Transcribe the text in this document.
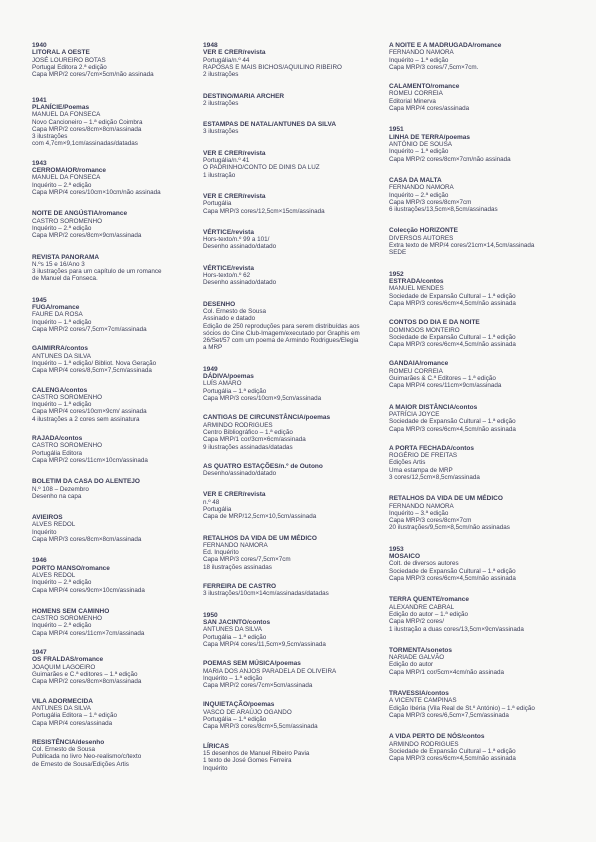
1940

LITORAL A OESTE

JOSÉ LOUREIRO BOTAS

Portugal Editora 2.ª edição

Capa MRP/2 cores/7cm×5cm/não assinada

1941

PLANÍCIE/Poemas

MANUEL DA FONSECA

Novo Cancioneiro – 1.ª edição Coimbra

Capa MRP/2 cores/8cm×8cm/assinada

3 ilustrações

com 4,7cm×9,1cm/assinadas/datadas

1943

CERROMAIOR/romance

MANUEL DA FONSECA

Inquérito – 2.ª edição

Capa MRP/4 cores/10cm×10cm/não assinada

NOITE DE ANGÚSTIA/romance

CASTRO SOROMENHO

Inquérito – 2.ª edição

Capa MRP/2 cores/8cm×9cm/assinada

REVISTA PANORAMA

N.ºs 15 e 16/Ano 3

3 ilustrações para um capítulo de um romance

de Manuel da Fonseca.

1945

FUGA/romance

FAURE DA ROSA

Inquérito – 1.ª edição

Capa MRP/2 cores/7,5cm×7cm/assinada

GAIMIRRA/contos

ANTUNES DA SILVA

Inquérito – 1.ª edição/ Bibliot. Nova Geração

Capa MRP/4 cores/8,5cm×7,5cm/assinada

CALENGA/contos

CASTRO SOROMENHO

Inquérito – 1.ª edição

Capa MRP/4 cores/10cm×9cm/ assinada

4 ilustrações a 2 cores sem assinatura

RAJADA/contos

CASTRO SOROMENHO

Portugália Editora

Capa MRP/2 cores/11cm×10cm/assinada

BOLETIM DA CASA DO ALENTEJO

N.º 108 – Dezembro

Desenho na capa

AVIEIROS

ALVES REDOL

Inquérito

Capa MRP/3 cores/8cm×8cm/assinada

1946

PORTO MANSO/romance

ALVES REDOL

Inquérito – 2.ª edição

Capa MRP/4 cores/9cm×10cm/assinada

HOMENS SEM CAMINHO

CASTRO SOROMENHO

Inquérito – 2.ª edição

Capa MRP/4 cores/11cm×7cm/assinada

1947

OS FRALDAS/romance

JOAQUIM LAGOEIRO

Guimarães e C.ª editores – 1.ª edição

Capa MRP/2 cores/8cm×8cm/assinada

VILA ADORMECIDA

ANTUNES DA SILVA

Portugália Editora – 1.ª edição

Capa MRP/4 cores/assinada

RESISTÊNCIA/desenho

Col. Ernesto de Sousa

Publicada no livro Neo-realismo/c/texto

de Ernesto de Sousa/Edições Artis

1948

VER E CRER/revista

Portugália/n.º 44

RAPOSAS E MAIS BICHOS/AQUILINO RIBEIRO

2 ilustrações

DESTINO/MARIA ARCHER

2 ilustrações

ESTAMPAS DE NATAL/ANTUNES DA SILVA

3 ilustrações

VER E CRER/revista

Portugália/n.º 41

O PADRINHO/CONTO DE DINIS DA LUZ

1 ilustração

VER E CRER/revista

Portugália

Capa MRP/3 cores/12,5cm×15cm/assinada

VÉRTICE/revista

Hors-texto/n.º 99 a 101/

Desenho assinado/datado

VÉRTICE/revista

Hors-texto/n.º 62

Desenho assinado/datado

DESENHO

Col. Ernesto de Sousa

Assinado e datado

Edição de 250 reproduções para serem distribuídas aos

sócios do Cine Club-Imagem/executado por Graphis em

26/Set/57 com um poema de Armindo Rodrigues/Elegia

a MRP

1949

DÁDIVA/poemas

LUÍS AMARO

Portugália – 1.ª edição

Capa MRP/3 cores/10cm×9,5cm/assinada

CANTIGAS DE CIRCUNSTÂNCIA/poemas

ARMINDO RODRIGUES

Centro Bibliográfico – 1.ª edição

Capa MRP/1 cor/3cm×6cm/assinada

9 ilustrações assinadas/datadas

AS QUATRO ESTAÇÕES/n.º de Outono

Desenho/assinado/datado

VER E CRER/revista

n.º 48

Portugália

Capa de MRP/12,5cm×10,5cm/assinada

RETALHOS DA VIDA DE UM MÉDICO

FERNANDO NAMORA

Ed. Inquérito

Capa MRP/3 cores/7,5cm×7cm

18 ilustrações assinadas

FERREIRA DE CASTRO

3 ilustrações/10cm×14cm/assinadas/datadas

1950

SAN JACINTO/contos

ANTUNES DA SILVA

Portugália – 1.ª edição

Capa MRP/4 cores/11,5cm×9,5cm/assinada

POEMAS SEM MÚSICA/poemas

MARIA DOS ANJOS PARADELA DE OLIVEIRA

Inquérito – 1.ª edição

Capa MRP/2 cores/7cm×5cm/assinada

INQUIETAÇÃO/poemas

VASCO DE ARAÚJO OGANDO

Portugália – 1.ª edição

Capa MRP/3 cores/8cm×5,5cm/assinada

LÍRICAS

15 desenhos de Manuel Ribeiro Pavia

1 texto de José Gomes Ferreira

Inquérito

A NOITE E A MADRUGADA/romance

FERNANDO NAMORA

Inquérito – 1.ª edição

Capa MRP/3 cores/7,5cm×7cm.

CALAMENTO/romance

ROMEU CORREIA

Editorial Minerva

Capa MRP/4 cores/assinada

1951

LINHA DE TERRA/poemas

ANTÓNIO DE SOUSA

Inquérito – 1.ª edição

Capa MRP/2 cores/8cm×7cm/não assinada

CASA DA MALTA

FERNANDO NAMORA

Inquérito – 2.ª edição

Capa MRP/3 cores/8cm×7cm

6 ilustrações/13,5cm×8,5cm/assinadas

Colecção HORIZONTE

DIVERSOS AUTORES

Extra texto de MRP/4 cores/21cm×14,5cm/assinada

SEDE

1952

ESTRADA/contos

MANUEL MENDES

Sociedade de Expansão Cultural – 1.ª edição

Capa MRP/3 cores/6cm×4,5cm/não assinada

CONTOS DO DIA E DA NOITE

DOMINGOS MONTEIRO

Sociedade de Expansão Cultural – 1.ª edição

Capa MRP/3 cores/6cm×4,5cm/não assinada

GANDAIA/romance

ROMEU CORREIA

Guimarães & C.ª Editores – 1.ª edição

Capa MRP/4 cores/11cm×9cm/assinada

A MAIOR DISTÂNCIA/contos

PATRÍCIA JOYCE

Sociedade de Expansão Cultural – 1.ª edição

Capa MRP/3 cores/6cm×4,5cm/não assinada

A PORTA FECHADA/contos

ROGÉRIO DE FREITAS

Edições Artis

Uma estampa de MRP

3 cores/12,5cm×8,5cm/assinada

RETALHOS DA VIDA DE UM MÉDICO

FERNANDO NAMORA

Inquérito – 3.ª edição

Capa MRP/3 cores/8cm×7cm

20 ilustrações/9,5cm×8,5cm/não assinadas

1953

MOSAICO

Colt. de diversos autores

Sociedade de Expansão Cultural – 1.ª edição

Capa MRP/3 cores/6cm×4,5cm/não assinada

TERRA QUENTE/romance

ALEXANDRE CABRAL

Edição do autor – 1.ª edição

Capa MRP/2 cores/

1 ilustração a duas cores/13,5cm×9cm/assinada

TORMENTA/sonetos

NARIADE GALVÃO

Edição do autor

Capa MRP/1 cor/5cm×4cm/não assinada

TRAVESSIA/contos

A VICENTE CAMPINAS

Edição Ibéria (Vila Real de St.º António) – 1.ª edição

Capa MRP/3 cores/6,5cm×7,5cm/assinada

A VIDA PERTO DE NÓS/contos

ARMINDO RODRIGUES

Sociedade de Expansão Cultural – 1.ª edição

Capa MRP/3 cores/6cm×4,5cm/não assinada
